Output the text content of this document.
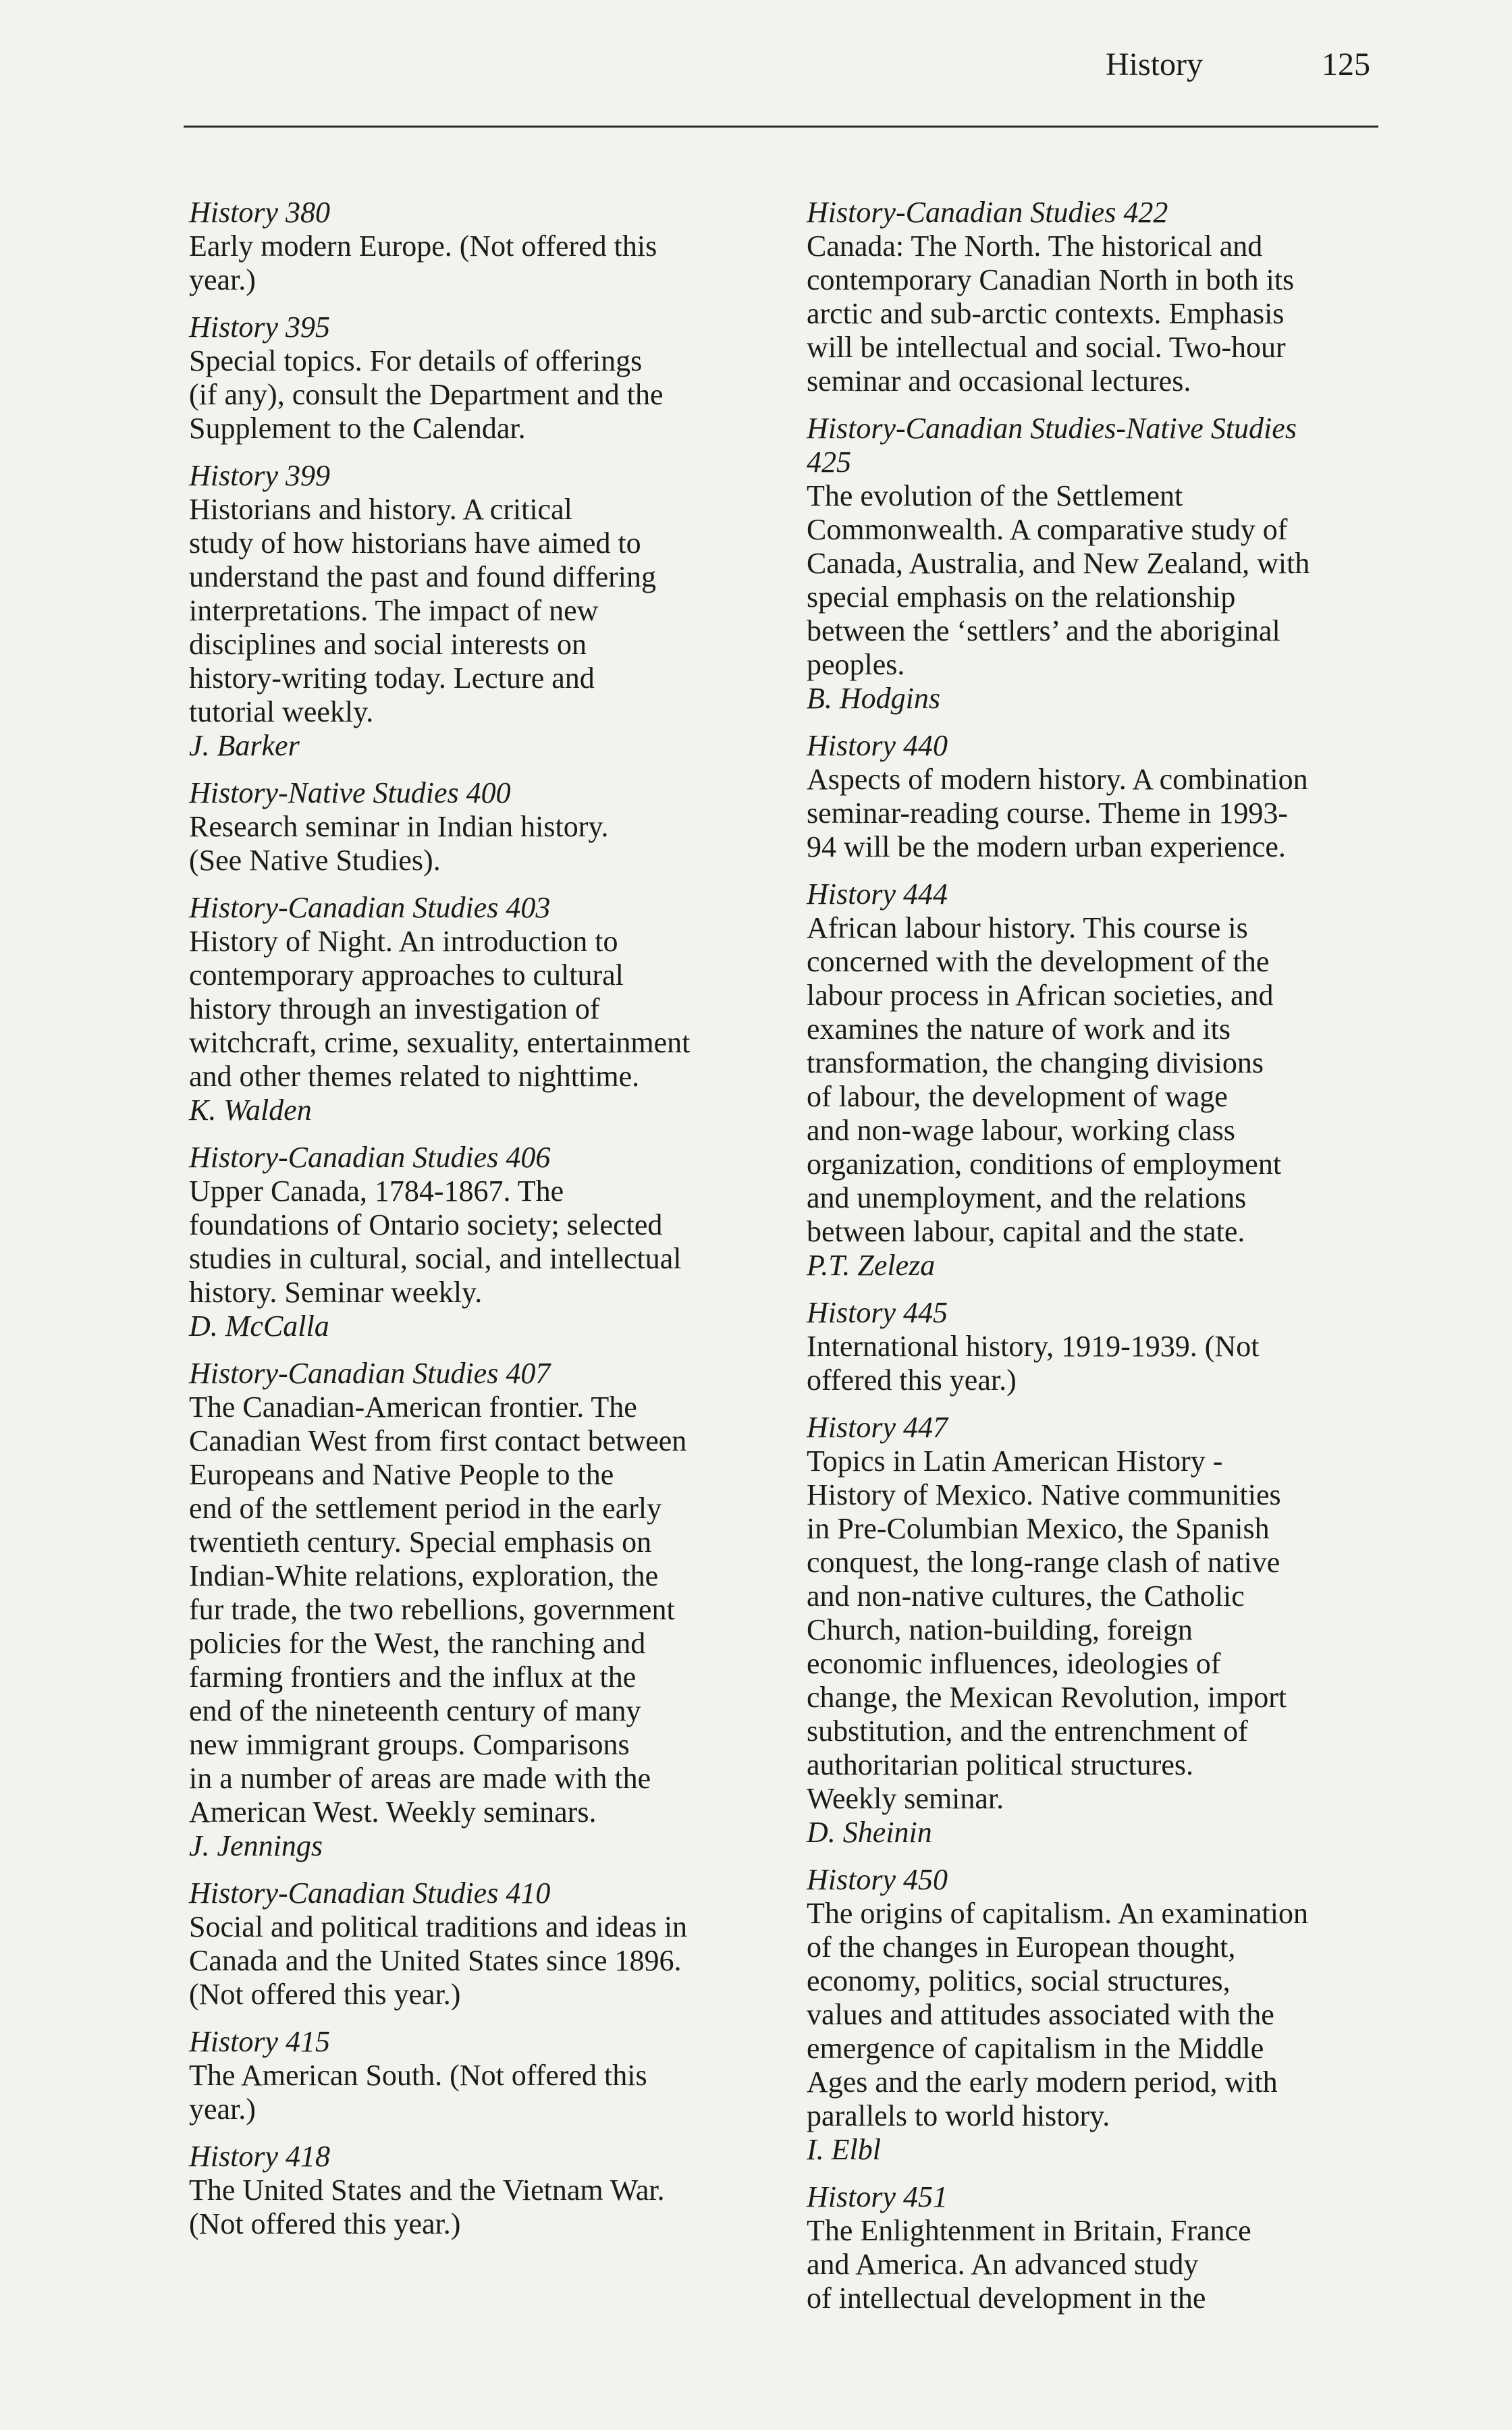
History	125
History 380
Early modern Europe. (Not offered this
year.)
History 395
Special topics. For details of offerings
(if any), consult the Department and the
Supplement to the Calendar.
History 399
Historians and history. A critical
study of how historians have aimed to
understand the past and found differing
interpretations. The impact of new
disciplines and social interests on
history-writing today. Lecture and
tutorial weekly.
J. Barker
History-Native Studies 400
Research seminar in Indian history.
(See Native Studies).
History-Canadian Studies 403
History of Night. An introduction to
contemporary approaches to cultural
history through an investigation of
witchcraft, crime, sexuality, entertainment
and other themes related to nighttime.
K. Walden
History-Canadian Studies 406
Upper Canada, 1784-1867. The
foundations of Ontario society; selected
studies in cultural, social, and intellectual
history. Seminar weekly.
D. McCalla
History-Canadian Studies 407
The Canadian-American frontier. The
Canadian West from first contact between
Europeans and Native People to the
end of the settlement period in the early
twentieth century. Special emphasis on
Indian-White relations, exploration, the
fur trade, the two rebellions, government
policies for the West, the ranching and
farming frontiers and the influx at the
end of the nineteenth century of many
new immigrant groups. Comparisons
in a number of areas are made with the
American West. Weekly seminars.
J. Jennings
History-Canadian Studies 410
Social and political traditions and ideas in
Canada and the United States since 1896.
(Not offered this year.)
History 415
The American South. (Not offered this
year.)
History 418
The United States and the Vietnam War.
(Not offered this year.)
History-Canadian Studies 422
Canada: The North. The historical and
contemporary Canadian North in both its
arctic and sub-arctic contexts. Emphasis
will be intellectual and social. Two-hour
seminar and occasional lectures.
History-Canadian Studies-Native Studies
425
The evolution of the Settlement
Commonwealth. A comparative study of
Canada, Australia, and New Zealand, with
special emphasis on the relationship
between the ‘settlers’ and the aboriginal
peoples.
B. Hodgins
History 440
Aspects of modern history. A combination
seminar-reading course. Theme in 1993-
94 will be the modern urban experience.
History 444
African labour history. This course is
concerned with the development of the
labour process in African societies, and
examines the nature of work and its
transformation, the changing divisions
of labour, the development of wage
and non-wage labour, working class
organization, conditions of employment
and unemployment, and the relations
between labour, capital and the state.
P.T. Zeleza
History 445
International history, 1919-1939. (Not
offered this year.)
History 447
Topics in Latin American History -
History of Mexico. Native communities
in Pre-Columbian Mexico, the Spanish
conquest, the long-range clash of native
and non-native cultures, the Catholic
Church, nation-building, foreign
economic influences, ideologies of
change, the Mexican Revolution, import
substitution, and the entrenchment of
authoritarian political structures.
Weekly seminar.
D. Sheinin
History 450
The origins of capitalism. An examination
of the changes in European thought,
economy, politics, social structures,
values and attitudes associated with the
emergence of capitalism in the Middle
Ages and the early modern period, with
parallels to world history.
I. Elbl
History 451
The Enlightenment in Britain, France
and America. An advanced study
of intellectual development in the
